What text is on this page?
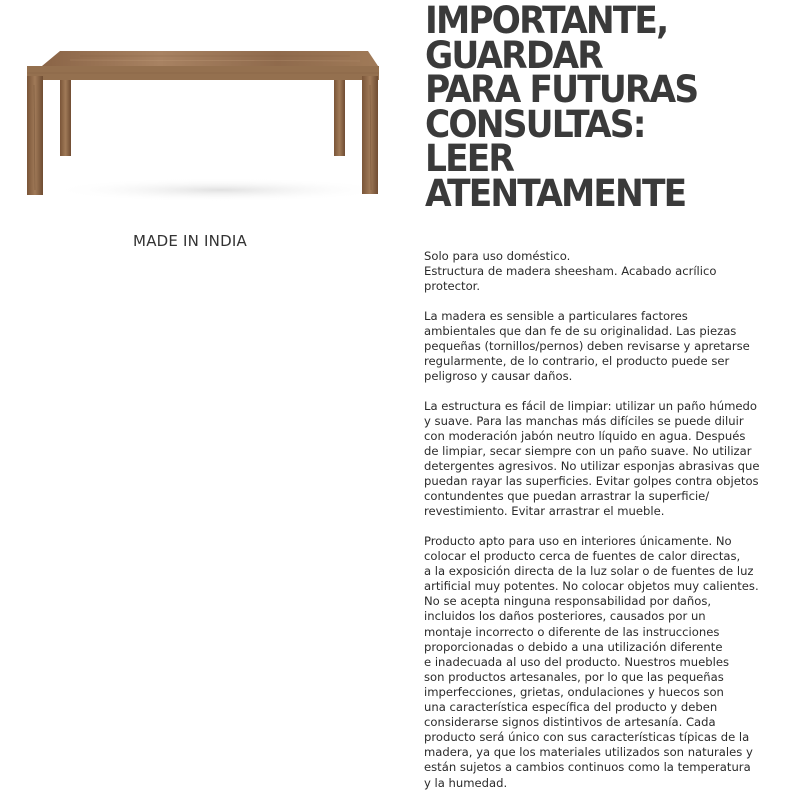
MADE IN INDIA
IMPORTANTE,
GUARDAR
PARA FUTURAS
CONSULTAS:
LEER
ATENTAMENTE

Solo para uso doméstico.
Estructura de madera sheesham. Acabado acrílico
protector.

La madera es sensible a particulares factores
ambientales que dan fe de su originalidad. Las piezas
pequeñas (tornillos/pernos) deben revisarse y apretarse
regularmente, de lo contrario, el producto puede ser
peligroso y causar daños.

La estructura es fácil de limpiar: utilizar un paño húmedo
y suave. Para las manchas más difíciles se puede diluir
con moderación jabón neutro líquido en agua. Después
de limpiar, secar siempre con un paño suave. No utilizar
detergentes agresivos. No utilizar esponjas abrasivas que
puedan rayar las superficies. Evitar golpes contra objetos
contundentes que puedan arrastrar la superficie/
revestimiento. Evitar arrastrar el mueble.

Producto apto para uso en interiores únicamente. No
colocar el producto cerca de fuentes de calor directas,
a la exposición directa de la luz solar o de fuentes de luz
artificial muy potentes. No colocar objetos muy calientes.
No se acepta ninguna responsabilidad por daños,
incluidos los daños posteriores, causados por un
montaje incorrecto o diferente de las instrucciones
proporcionadas o debido a una utilización diferente
e inadecuada al uso del producto. Nuestros muebles
son productos artesanales, por lo que las pequeñas
imperfecciones, grietas, ondulaciones y huecos son
una característica específica del producto y deben
considerarse signos distintivos de artesanía. Cada
producto será único con sus características típicas de la
madera, ya que los materiales utilizados son naturales y
están sujetos a cambios continuos como la temperatura
y la humedad.
